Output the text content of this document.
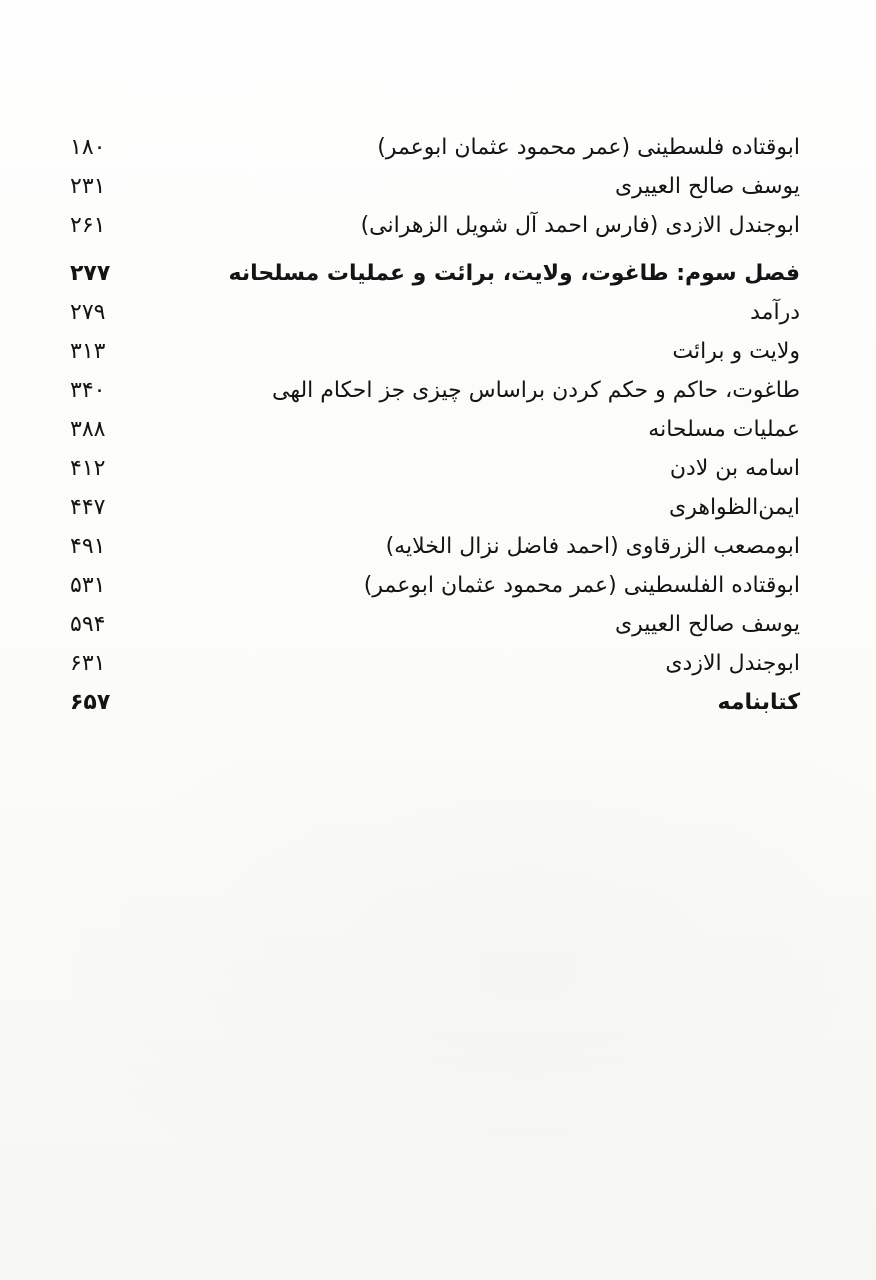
ابوقتاده فلسطینی (عمر محمود عثمان ابوعمر)
۱۸۰
یوسف صالح العییری
۲۳۱
ابوجندل الازدی (فارس احمد آل شویل الزهرانی)
۲۶۱
فصل سوم: طاغوت، ولایت، برائت و عملیات مسلحانه
۲۷۷
درآمد
۲۷۹
ولایت و برائت
۳۱۳
طاغوت، حاکم و حکم کردن براساس چیزی جز احکام الهی
۳۴۰
عملیات مسلحانه
۳۸۸
اسامه بن لادن
۴۱۲
ایمن‌الظواهری
۴۴۷
ابومصعب الزرقاوی (احمد فاضل نزال الخلایه)
۴۹۱
ابوقتاده الفلسطینی (عمر محمود عثمان ابوعمر)
۵۳۱
یوسف صالح العییری
۵۹۴
ابوجندل الازدی
۶۳۱
کتابنامه
۶۵۷
